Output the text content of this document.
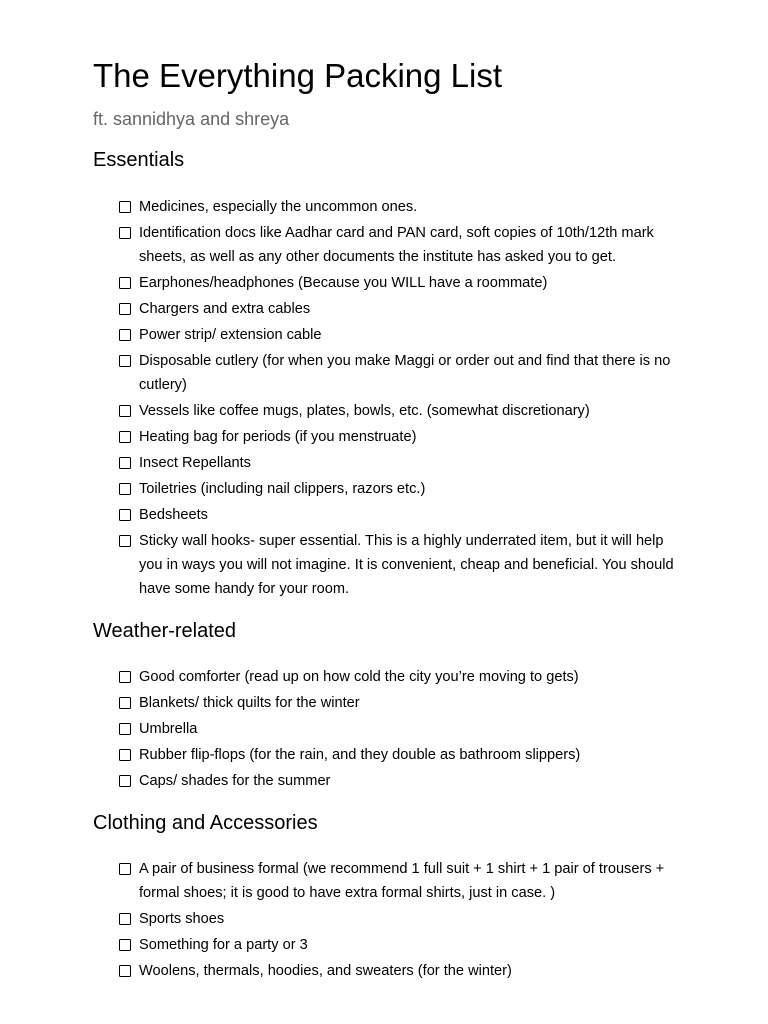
The Everything Packing List
ft. sannidhya and shreya
Essentials
Medicines, especially the uncommon ones.
Identification docs like Aadhar card and PAN card, soft copies of 10th/12th mark sheets, as well as any other documents the institute has asked you to get.
Earphones/headphones (Because you WILL have a roommate)
Chargers and extra cables
Power strip/ extension cable
Disposable cutlery (for when you make Maggi or order out and find that there is no cutlery)
Vessels like coffee mugs, plates, bowls, etc. (somewhat discretionary)
Heating bag for periods (if you menstruate)
Insect Repellants
Toiletries (including nail clippers, razors etc.)
Bedsheets
Sticky wall hooks- super essential. This is a highly underrated item, but it will help you in ways you will not imagine. It is convenient, cheap and beneficial. You should have some handy for your room.
Weather-related
Good comforter (read up on how cold the city you’re moving to gets)
Blankets/ thick quilts for the winter
Umbrella
Rubber flip-flops (for the rain, and they double as bathroom slippers)
Caps/ shades for the summer
Clothing and Accessories
A pair of business formal (we recommend 1 full suit + 1 shirt + 1 pair of trousers + formal shoes; it is good to have extra formal shirts, just in case. )
Sports shoes
Something for a party or 3
Woolens, thermals, hoodies, and sweaters (for the winter)
